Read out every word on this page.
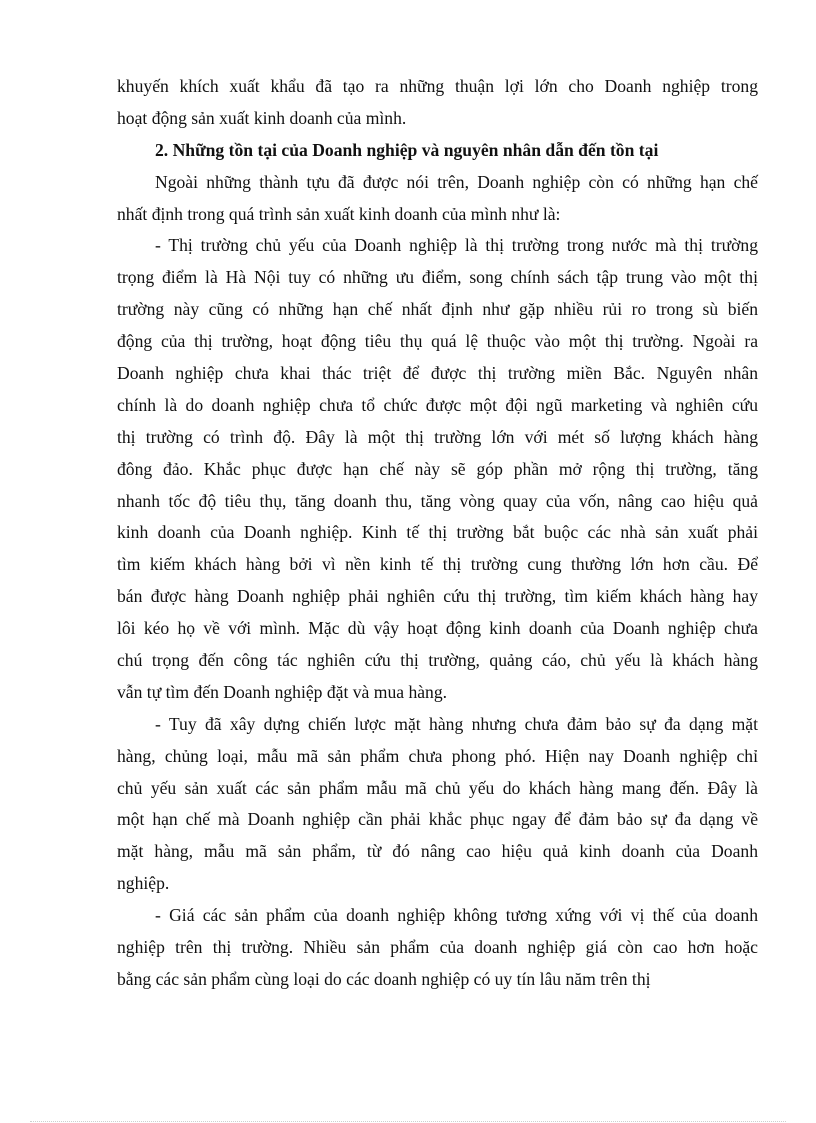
khuyến khích xuất khẩu đã tạo ra những thuận lợi lớn cho Doanh nghiệp trong
hoạt động sản xuất kinh doanh của mình.
2. Những tồn tại của Doanh nghiệp và nguyên nhân dẫn đến tồn tại
Ngoài những thành tựu đã được nói trên, Doanh nghiệp còn có những hạn chế
nhất định trong quá trình sản xuất kinh doanh của mình như là:
- Thị trường chủ yếu của Doanh nghiệp là thị trường trong nước mà thị trường
trọng điểm là Hà Nội tuy có những ưu điểm, song chính sách tập trung vào một thị
trường này cũng có những hạn chế nhất định như gặp nhiều rủi ro trong sù biến
động của thị trường, hoạt động tiêu thụ quá lệ thuộc vào một thị trường. Ngoài ra
Doanh nghiệp chưa khai thác triệt để được thị trường miền Bắc. Nguyên nhân
chính là do doanh nghiệp chưa tổ chức được một đội ngũ marketing và nghiên cứu
thị trường có trình độ. Đây là một thị trường lớn với mét số lượng khách hàng
đông đảo. Khắc phục được hạn chế này sẽ góp phần mở rộng thị trường, tăng
nhanh tốc độ tiêu thụ, tăng doanh thu, tăng vòng quay của vốn, nâng cao hiệu quả
kinh doanh của Doanh nghiệp. Kinh tế thị trường bắt buộc các nhà sản xuất phải
tìm kiếm khách hàng bởi vì nền kinh tế thị trường cung thường lớn hơn cầu. Để
bán được hàng Doanh nghiệp phải nghiên cứu thị trường, tìm kiếm khách hàng hay
lôi kéo họ về với mình. Mặc dù vậy hoạt động kinh doanh của Doanh nghiệp chưa
chú trọng đến công tác nghiên cứu thị trường, quảng cáo, chủ yếu là khách hàng
vẫn tự tìm đến Doanh nghiệp đặt và mua hàng.
- Tuy đã xây dựng chiến lược mặt hàng nhưng chưa đảm bảo sự đa dạng mặt
hàng, chủng loại, mẫu mã sản phẩm chưa phong phó. Hiện nay Doanh nghiệp chỉ
chủ yếu sản xuất các sản phẩm mẫu mã chủ yếu do khách hàng mang đến. Đây là
một hạn chế mà Doanh nghiệp cần phải khắc phục ngay để đảm bảo sự đa dạng về
mặt hàng, mẫu mã sản phẩm, từ đó nâng cao hiệu quả kinh doanh của Doanh
nghiệp.
- Giá các sản phẩm của doanh nghiệp không tương xứng với vị thế của doanh
nghiệp trên thị trường. Nhiều sản phẩm của doanh nghiệp giá còn cao hơn hoặc
bằng các sản phẩm cùng loại do các doanh nghiệp có uy tín lâu năm trên thị
